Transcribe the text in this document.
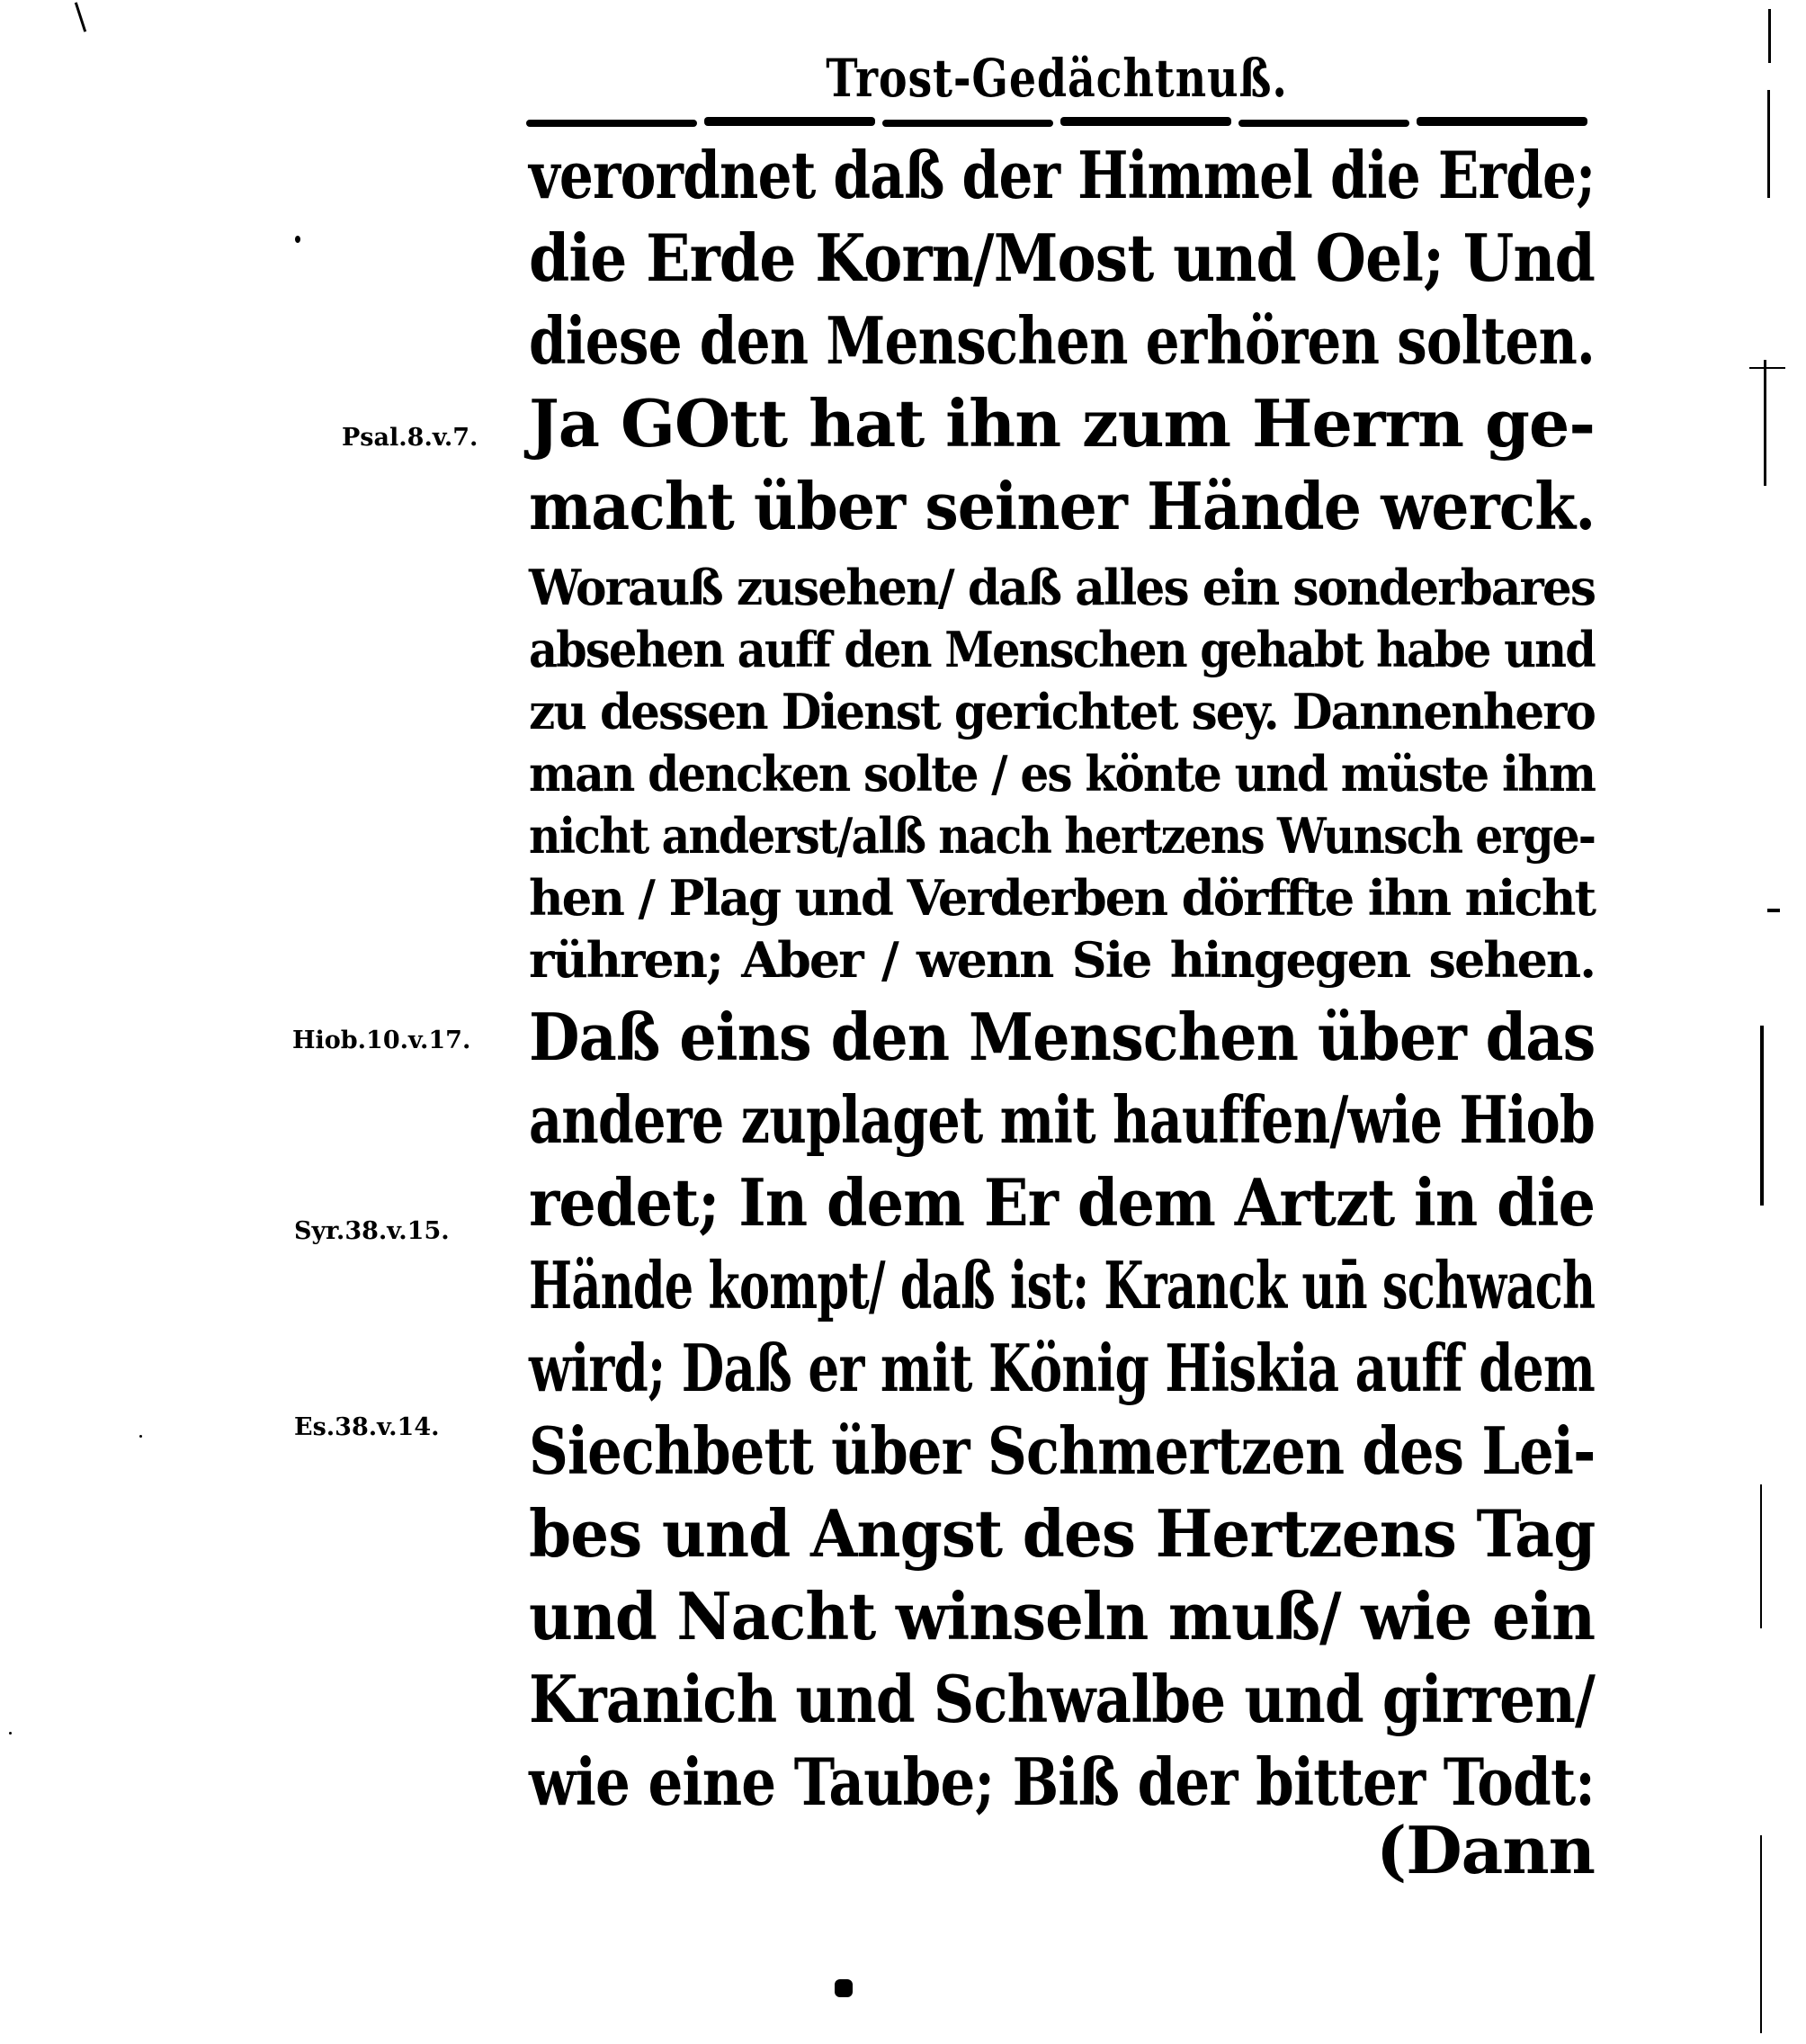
Trost-Gedächtnuß.
Psal.8.v.7.
Hiob.10.v.17.
Syr.38.v.15.
Es.38.v.14.
verordnet daß der Himmel die Erde;
die Erde Korn/Most und Oel; Und
diese den Menschen erhören solten.
Ja GOtt hat ihn zum Herrn ge-
macht über seiner Hände werck.
Worauß zusehen/ daß alles ein sonderbares
absehen auff den Menschen gehabt habe und
zu dessen Dienst gerichtet sey. Dannenhero
man dencken solte / es könte und müste ihm
nicht anderst/alß nach hertzens Wunsch erge-
hen / Plag und Verderben dörffte ihn nicht
rühren; Aber / wenn Sie hingegen sehen.
Daß eins den Menschen über das
andere zuplaget mit hauffen/wie Hiob
redet; In dem Er dem Artzt in die
Hände kompt/ daß ist: Kranck un̄ schwach
wird; Daß er mit König Hiskia auff dem
Siechbett über Schmertzen des Lei-
bes und Angst des Hertzens Tag
und Nacht winseln muß/ wie ein
Kranich und Schwalbe und girren/
wie eine Taube; Biß der bitter Todt:
(Dann
